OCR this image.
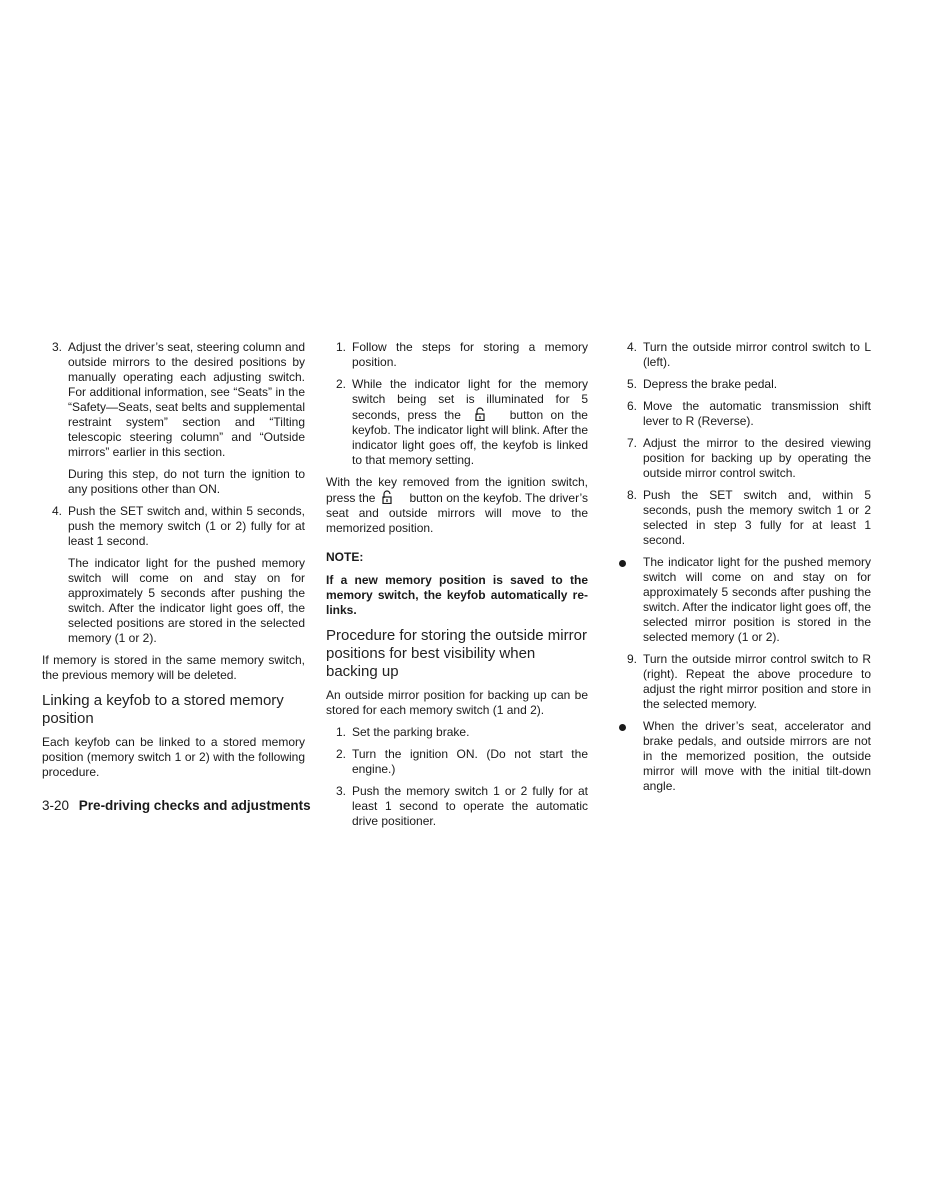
3. Adjust the driver’s seat, steering column and outside mirrors to the desired positions by manually operating each adjusting switch. For additional information, see “Seats” in the “Safety—Seats, seat belts and supplemental restraint system” section and “Tilting telescopic steering column” and “Outside mirrors” earlier in this section.
During this step, do not turn the ignition to any positions other than ON.
4. Push the SET switch and, within 5 seconds, push the memory switch (1 or 2) fully for at least 1 second.
The indicator light for the pushed memory switch will come on and stay on for approximately 5 seconds after pushing the switch. After the indicator light goes off, the selected positions are stored in the selected memory (1 or 2).

If memory is stored in the same memory switch, the previous memory will be deleted.

Linking a keyfob to a stored memory position

Each keyfob can be linked to a stored memory position (memory switch 1 or 2) with the following procedure.

1. Follow the steps for storing a memory position.
2. While the indicator light for the memory switch being set is illuminated for 5 seconds, press the	button on the keyfob. The indicator light will blink. After the indicator light goes off, the keyfob is linked to that memory setting.

With the key removed from the ignition switch, press the	button on the keyfob. The driver’s seat and outside mirrors will move to the memorized position.

NOTE:

If a new memory position is saved to the memory switch, the keyfob automatically re-links.

Procedure for storing the outside mirror positions for best visibility when backing up

An outside mirror position for backing up can be stored for each memory switch (1 and 2).

1. Set the parking brake.
2. Turn the ignition ON. (Do not start the engine.)
3. Push the memory switch 1 or 2 fully for at least 1 second to operate the automatic drive positioner.
4. Turn the outside mirror control switch to L (left).
5. Depress the brake pedal.
6. Move the automatic transmission shift lever to R (Reverse).
7. Adjust the mirror to the desired viewing position for backing up by operating the outside mirror control switch.
8. Push the SET switch and, within 5 seconds, push the memory switch 1 or 2 selected in step 3 fully for at least 1 second.
The indicator light for the pushed memory switch will come on and stay on for approximately 5 seconds after pushing the switch. After the indicator light goes off, the selected mirror position is stored in the selected memory (1 or 2).
9. Turn the outside mirror control switch to R (right). Repeat the above procedure to adjust the right mirror position and store in the selected memory.
When the driver’s seat, accelerator and brake pedals, and outside mirrors are not in the memorized position, the outside mirror will move with the initial tilt-down angle.
3-20 Pre-driving checks and adjustments
